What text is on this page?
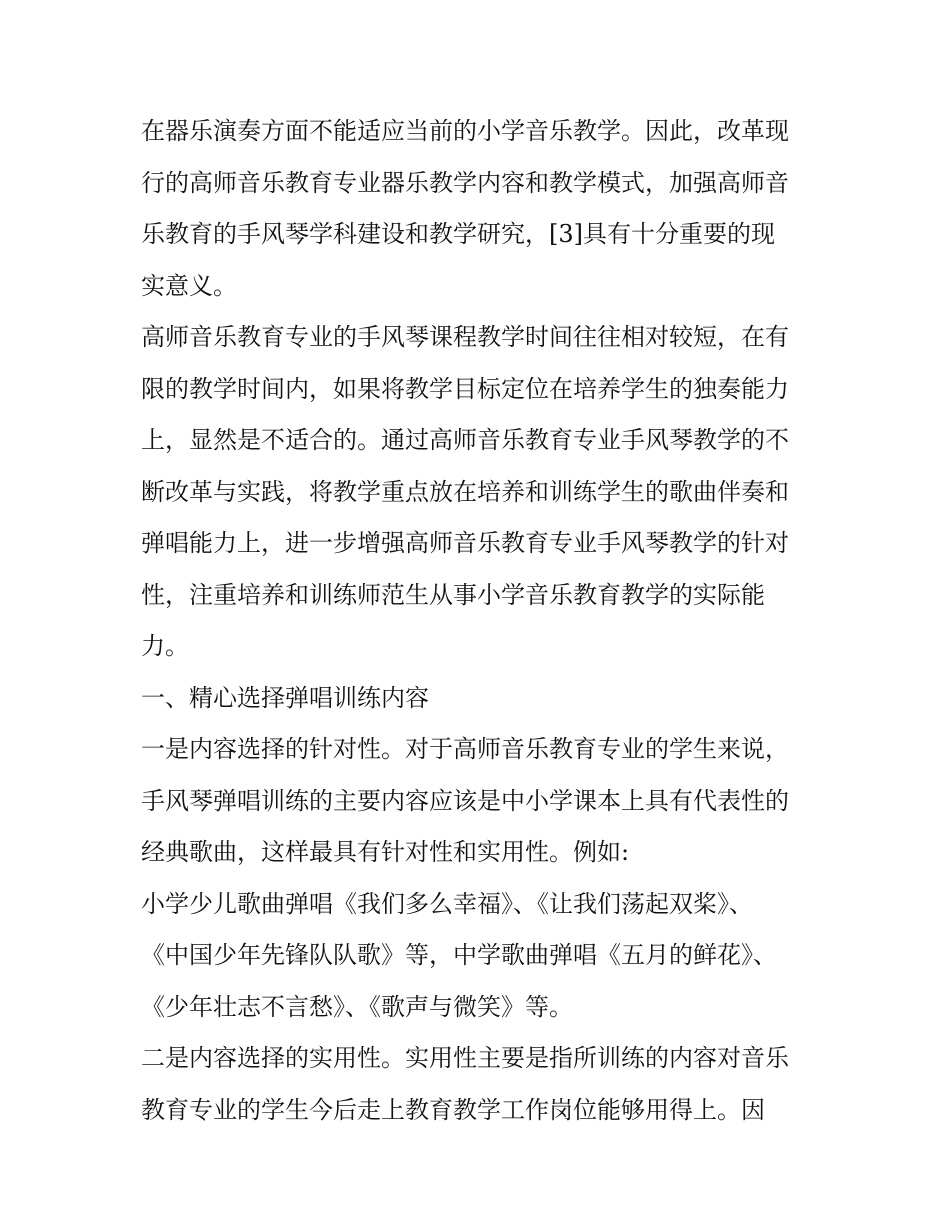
在器乐演奏方面不能适应当前的小学音乐教学。因此，改革现
行的高师音乐教育专业器乐教学内容和教学模式，加强高师音
乐教育的手风琴学科建设和教学研究，[3]具有十分重要的现
实意义。
高师音乐教育专业的手风琴课程教学时间往往相对较短，在有
限的教学时间内，如果将教学目标定位在培养学生的独奏能力
上，显然是不适合的。通过高师音乐教育专业手风琴教学的不
断改革与实践，将教学重点放在培养和训练学生的歌曲伴奏和
弹唱能力上，进一步增强高师音乐教育专业手风琴教学的针对
性，注重培养和训练师范生从事小学音乐教育教学的实际能
力。
一、精心选择弹唱训练内容
一是内容选择的针对性。对于高师音乐教育专业的学生来说，
手风琴弹唱训练的主要内容应该是中小学课本上具有代表性的
经典歌曲，这样最具有针对性和实用性。例如:
小学少儿歌曲弹唱《我们多么幸福》、《让我们荡起双桨》、
《中国少年先锋队队歌》等，中学歌曲弹唱《五月的鲜花》、
《少年壮志不言愁》、《歌声与微笑》等。
二是内容选择的实用性。实用性主要是指所训练的内容对音乐
教育专业的学生今后走上教育教学工作岗位能够用得上。因
